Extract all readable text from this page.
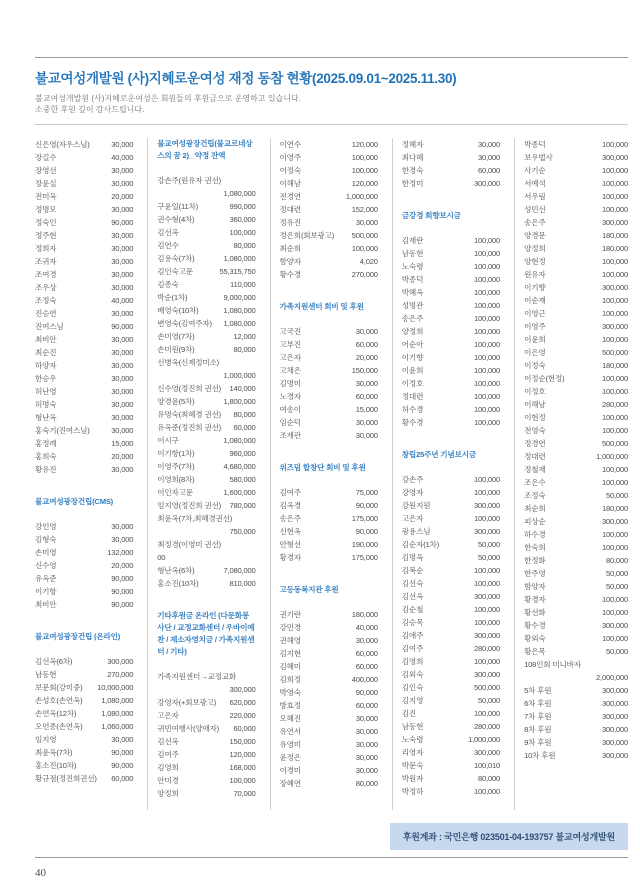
불교여성개발원 (사)지혜로운여성 재정 동참 현황(2025.09.01~2025.11.30)
불교여성개발원 (사)지혜로운여성은 회원들의 후원금으로 운영하고 있습니다.
소중한 후원 깊이 감사드립니다.
신은영(자우스님)	30,000
장길수	40,000
장영선	30,000
장윤실	30,000
전미옥	20,000
정명모	30,000
정숙인	90,000
정주현	30,000
정희자	30,000
조귀자	30,000
조여경	30,000
조우상	30,000
조정숙	40,000
진승연	30,000
진여스님	90,000
최비안	30,000
최순진	30,000
하양자	30,000
한승우	30,000
허난영	30,000
허명숙	30,000
형난옥	30,000
홍숙기(진여스님)	30,000
홍정례	15,000
홍희숙	20,000
황유진	30,000
불교여성광장건립(CMS)
강인영	30,000
김형숙	30,000
손미영	132,000
신수영	20,000
유옥준	90,000
이기항	90,000
최비안	90,000
불교여성광장건립 (온라인)
김선옥(6차)	300,000
남동현	270,000
보문회(강미중) 10,000,000
손성호(손연옥) 1,080,000
손연옥(12차)	1,080,000
오언종(손연옥) 1,060,000
임지영	30,000
최윤옥(7차)	90,000
홍소진(10차)	90,000
황규점(정진희권선) 60,000
불교여성광장건립(불교르네상스의 꿈 2)_ 약정 잔액
강손주(원유자 권선)
1,080,000
구윤일(11차)	990,000
권수형(4차)	360,000
김선옥	100,000
김연수	80,000
김용숙(7차)	1,080,000
김인숙고문	55,315,750
김종숙	110,000
박순(1차)	9,000,000
배영숙(10차)	1,080,000
변영숙(김여주자) 1,080,000
손미영(7차)	12,000
손미원(9차)	80,000
신병옥(신제정미소)
1,000,000
신수영(정진희 권선) 140,000
양경윤(5차)	1,800,000
유명숙(최혜경 권선) 80,000
유옥준(정진희 권선) 60,000
이시구	1,080,000
이기항(1차)	960,000
이영주(7차)	4,680,000
이영희(8차)	580,000
이인자고문	1,600,000
임지영(정진희 권선) 780,000
최윤옥(7차,최혜경권선)
750,000
최정경(이영미 권선)
00
형난옥(6차)	7,080,000
홍소진(10차)	810,000
기타후원금 온라인 (다문화봉사단 / 교정교화센터 / 우바이예찬 / 재소자영치금 / 가족지원센터 / 기타)
가족지원센터→교정교화
300,000
강영자(+회보광고) 620,000
고은자	220,000
귀빈여행사(양애자) 60,000
김선옥	150,000
김여주	120,000
김영희	168,000
안미경	100,000
양정희	70,000
이연수	120,000
이영주	100,000
이정숙	100,000
이해남	120,000
전경연	1,000,000
정대련	152,000
정유진	30,000
정은희(회보광고) 500,000
최순희	100,000
함양자	4,020
황수경	270,000
가족지원센터 회비 및 후원
고국진	30,000
고부진	60,000
고은자	20,000
고채은	150,000
김명미	30,000
노경자	60,000
여송이	15,000
임순덕	30,000
조재관	30,000
위즈덤 합창단 회비 및 후원
김여주	75,000
김옥경	90,000
송은주	175,000
신현옥	90,000
안형선	190,000
황경자	175,000
고등동복지관 후원
권기란	180,000
강민경	40,000
권해영	30,000
김지현	60,000
김혜미	60,000
김희정	400,000
박영숙	90,000
방효정	60,000
오혜진	30,000
유연서	30,000
유영미	30,000
윤정은	30,000
이경미	30,000
장혜연	80,000
정혜자	30,000
최다혜	30,000
한경숙	60,000
한정미	300,000
금강경 회향보시금
김재란	100,000
남동현	100,000
노숙령	100,000
박종덕	100,000
박혜옥	100,000
성명관	100,000
송은주	100,000
양정희	100,000
어순아	100,000
이기향	100,000
이윤희	100,000
이정호	100,000
정대련	100,000
허수경	100,000
황수경	100,000
창립25주년 기념보시금
강손주	100,000
강영자	100,000
강원지원	300,000
고은자	100,000
광용스님	300,000
김순자(1차)	50,000
김명옥	50,000
김복순	100,000
김선숙	100,000
김선옥	300,000
김순철	100,000
김승목	100,000
김애주	300,000
김여주	280,000
김영희	100,000
김외숙	300,000
김인숙	500,000
김지영	50,000
김진	100,000
남동현	280,000
노숙령	1,000,000
리영자	300,000
박문숙	100,010
박원자	80,000
박정하	100,000
박종덕	100,000
보우법사	300,000
사기순	100,000
서예석	100,000
서우림	100,000
성민선	100,000
송은주	300,000
양경문	180,000
양정희	180,000
양현정	100,000
원유자	100,000
이기향	300,000
이순재	100,000
이영근	100,000
이영주	300,000
이윤희	100,000
이은영	500,000
이정숙	180,000
이정순(현정)	100,000
이정호	100,000
이해남	280,000
이현정	100,000
전영숙	100,000
정경연	500,000
정대련	1,000,000
정철재	100,000
조은수	100,000
조정숙	50,000
최순희	180,000
피상순	300,000
하수경	100,000
한숙희	100,000
한정화	80,000
한주영	50,000
함양자	50,000
황경자	100,000
황선화	100,000
황수경	300,000
황외숙	100,000
황은목	50,000
108인회 미니바자
2,000,000
5차 후원	300,000
6차 후원	300,000
7차 후원	300,000
8차 후원	300,000
9차 후원	300,000
10차 후원	300,000
후원계좌 : 국민은행 023501-04-193757 불교여성개발원
40
